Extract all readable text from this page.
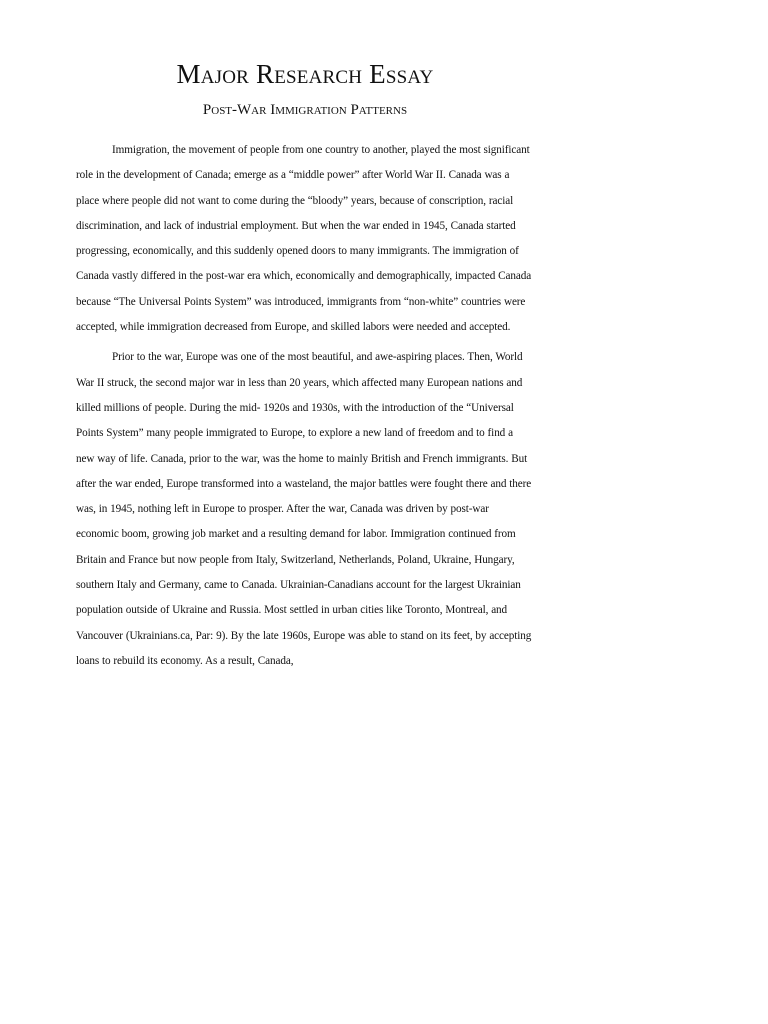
Major Research Essay
Post-War Immigration Patterns

Immigration, the movement of people from one country to another, played the most significant role in the development of Canada; emerge as a “middle power” after World War II. Canada was a place where people did not want to come during the “bloody” years, because of conscription, racial discrimination, and lack of industrial employment. But when the war ended in 1945, Canada started progressing, economically, and this suddenly opened doors to many immigrants. The immigration of Canada vastly differed in the post-war era which, economically and demographically, impacted Canada because “The Universal Points System” was introduced, immigrants from “non-white” countries were accepted, while immigration decreased from Europe, and skilled labors were needed and accepted.

Prior to the war, Europe was one of the most beautiful, and awe-aspiring places. Then, World War II struck, the second major war in less than 20 years, which affected many European nations and killed millions of people. During the mid- 1920s and 1930s, with the introduction of the “Universal Points System” many people immigrated to Europe, to explore a new land of freedom and to find a new way of life. Canada, prior to the war, was the home to mainly British and French immigrants. But after the war ended, Europe transformed into a wasteland, the major battles were fought there and there was, in 1945, nothing left in Europe to prosper. After the war, Canada was driven by post-war economic boom, growing job market and a resulting demand for labor. Immigration continued from Britain and France but now people from Italy, Switzerland, Netherlands, Poland, Ukraine, Hungary, southern Italy and Germany, came to Canada. Ukrainian-Canadians account for the largest Ukrainian population outside of Ukraine and Russia. Most settled in urban cities like Toronto, Montreal, and Vancouver (Ukrainians.ca, Par: 9). By the late 1960s, Europe was able to stand on its feet, by accepting loans to rebuild its economy. As a result, Canada,
